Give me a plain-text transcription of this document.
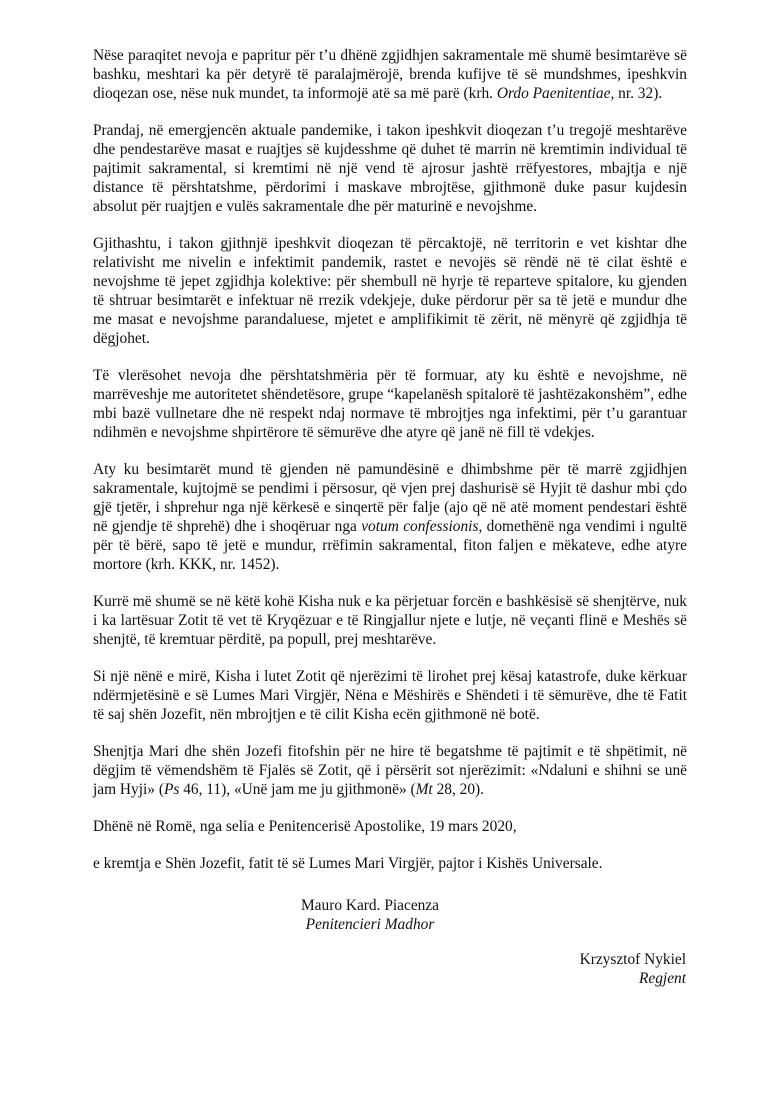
Nëse paraqitet nevoja e papritur për t’u dhënë zgjidhjen sakramentale më shumë besimtarëve së bashku, meshtari ka për detyrë të paralajmërojë, brenda kufijve të së mundshmes, ipeshkvin dioqezan ose, nëse nuk mundet, ta informojë atë sa më parë (krh. Ordo Paenitentiae, nr. 32).

Prandaj, në emergjencën aktuale pandemike, i takon ipeshkvit dioqezan t’u tregojë meshtarëve dhe pendestarëve masat e ruajtjes së kujdesshme që duhet të marrin në kremtimin individual të pajtimit sakramental, si kremtimi në një vend të ajrosur jashtë rrëfyestores, mbajtja e një distance të përshtatshme, përdorimi i maskave mbrojtëse, gjithmonë duke pasur kujdesin absolut për ruajtjen e vulës sakramentale dhe për maturinë e nevojshme.

Gjithashtu, i takon gjithnjë ipeshkvit dioqezan të përcaktojë, në territorin e vet kishtar dhe relativisht me nivelin e infektimit pandemik, rastet e nevojës së rëndë në të cilat është e nevojshme të jepet zgjidhja kolektive: për shembull në hyrje të reparteve spitalore, ku gjenden të shtruar besimtarët e infektuar në rrezik vdekjeje, duke përdorur për sa të jetë e mundur dhe me masat e nevojshme parandaluese, mjetet e amplifikimit të zërit, në mënyrë që zgjidhja të dëgjohet.

Të vlerësohet nevoja dhe përshtatshmëria për të formuar, aty ku është e nevojshme, në marrëveshje me autoritetet shëndetësore, grupe “kapelanësh spitalorë të jashtëzakonshëm”, edhe mbi bazë vullnetare dhe në respekt ndaj normave të mbrojtjes nga infektimi, për t’u garantuar ndihmën e nevojshme shpirtërore të sëmurëve dhe atyre që janë në fill të vdekjes.

Aty ku besimtarët mund të gjenden në pamundësinë e dhimbshme për të marrë zgjidhjen sakramentale, kujtojmë se pendimi i përsosur, që vjen prej dashurisë së Hyjit të dashur mbi çdo gjë tjetër, i shprehur nga një kërkesë e sinqertë për falje (ajo që në atë moment pendestari është në gjendje të shprehë) dhe i shoqëruar nga votum confessionis, domethënë nga vendimi i ngultë për të bërë, sapo të jetë e mundur, rrëfimin sakramental, fiton faljen e mëkateve, edhe atyre mortore (krh. KKK, nr. 1452).

Kurrë më shumë se në këtë kohë Kisha nuk e ka përjetuar forcën e bashkësisë së shenjtërve, nuk i ka lartësuar Zotit të vet të Kryqëzuar e të Ringjallur njete e lutje, në veçanti flinë e Meshës së shenjtë, të kremtuar përditë, pa popull, prej meshtarëve.

Si një nënë e mirë, Kisha i lutet Zotit që njerëzimi të lirohet prej kësaj katastrofe, duke kërkuar ndërmjetësinë e së Lumes Mari Virgjër, Nëna e Mëshirës e Shëndeti i të sëmurëve, dhe të Fatit të saj shën Jozefit, nën mbrojtjen e të cilit Kisha ecën gjithmonë në botë.

Shenjtja Mari dhe shën Jozefi fitofshin për ne hire të begatshme të pajtimit e të shpëtimit, në dëgjim të vëmendshëm të Fjalës së Zotit, që i përsërit sot njerëzimit: «Ndaluni e shihni se unë jam Hyji» (Ps 46, 11), «Unë jam me ju gjithmonë» (Mt 28, 20).

Dhënë në Romë, nga selia e Penitencerisë Apostolike, 19 mars 2020,

e kremtja e Shën Jozefit, fatit të së Lumes Mari Virgjër, pajtor i Kishës Universale.

Mauro Kard. Piacenza
Penitencieri Madhor
Krzysztof Nykiel
Regjent
